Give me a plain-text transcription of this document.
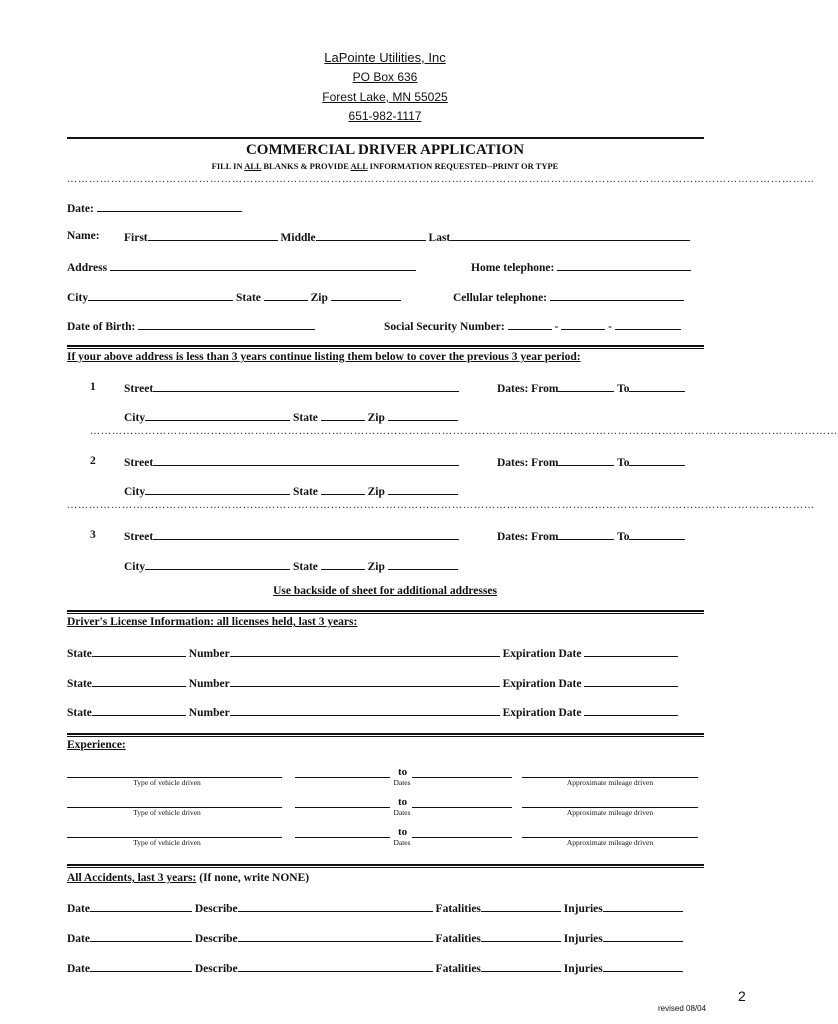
LaPointe Utilities, Inc
PO Box 636
Forest Lake, MN 55025
651-982-1117
COMMERCIAL DRIVER APPLICATION
FILL IN ALL BLANKS & PROVIDE ALL INFORMATION REQUESTED--PRINT OR TYPE
……………………………………………………………………………………………………………………………………………………………………………………
Date:
Name: First	Middle	Last
Address	Home telephone:
City	State	Zip	Cellular telephone:
Date of Birth:	Social Security Number:	-	-
If your above address is less than 3 years continue listing them below to cover the previous 3 year period:
1 Street	Dates: From	To
City	State	Zip
……………………………………………………………………………………………………………………………………………………………………………………
2 Street	Dates: From	To
City	State	Zip
……………………………………………………………………………………………………………………………………………………………………………………
3 Street	Dates: From	To
City	State	Zip
Use backside of sheet for additional addresses
Driver's License Information: all licenses held, last 3 years:
State	Number	Expiration Date
State	Number	Expiration Date
State	Number	Expiration Date
Experience:
to
Type of vehicle driven	Dates	Approximate mileage driven
to
Type of vehicle driven	Dates	Approximate mileage driven
to
Type of vehicle driven	Dates	Approximate mileage driven
All Accidents, last 3 years: (If none, write NONE)
Date	Describe	Fatalities	Injuries
Date	Describe	Fatalities	Injuries
Date	Describe	Fatalities	Injuries
2
revised 08/04
